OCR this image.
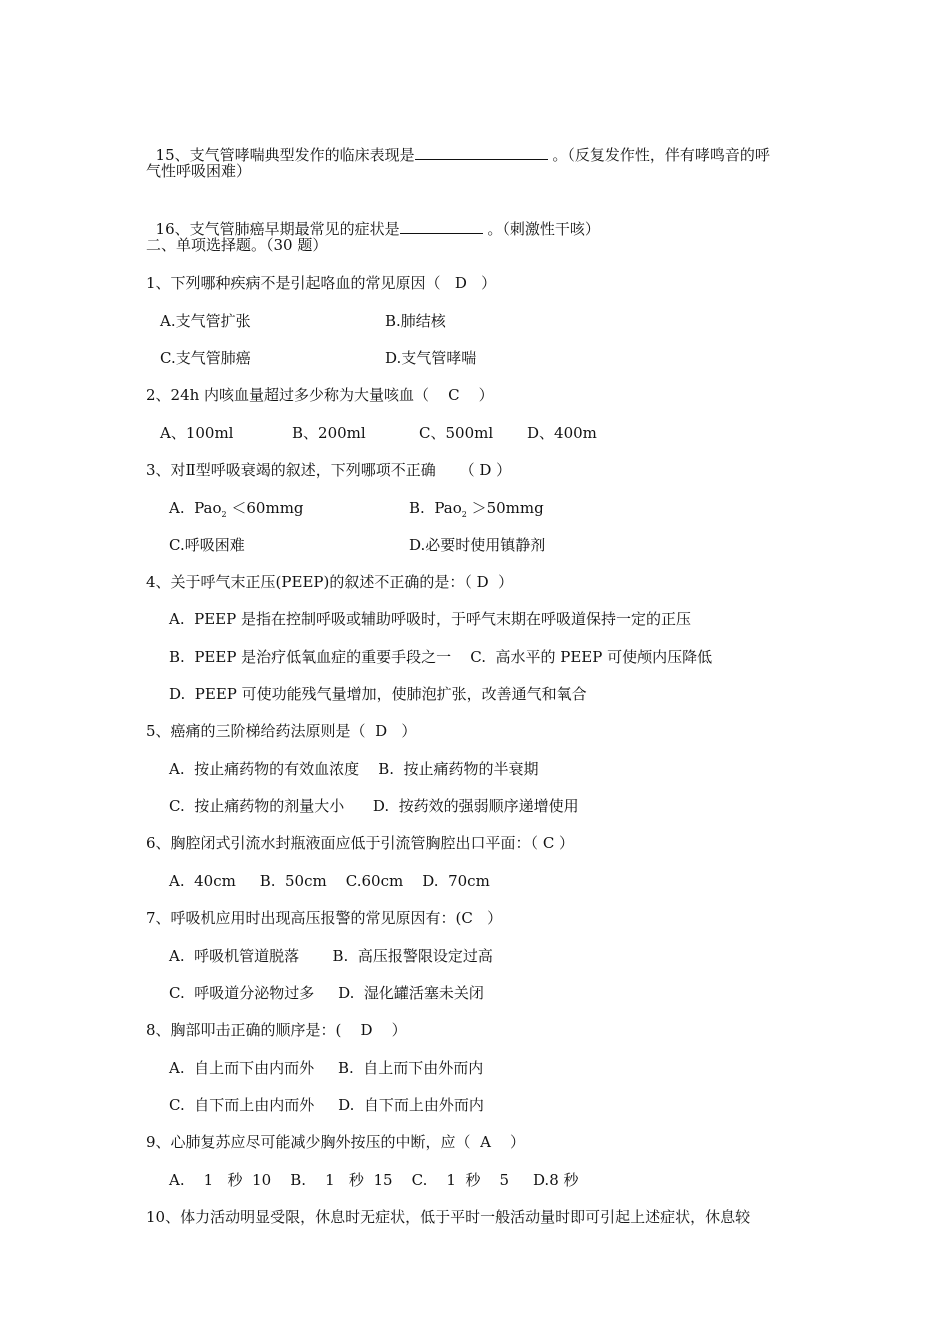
15、支气管哮喘典型发作的临床表现是	。（反复发作性，伴有哮鸣音的呼

气性呼吸困难）

16、支气管肺癌早期最常见的症状是	。（刺激性干咳）

二、单项选择题。（30 题）
1、下列哪种疾病不是引起咯血的常见原因（   D   ）
A.支气管扩张	B.肺结核
C.支气管肺癌	D.支气管哮喘
2、24h 内咳血量超过多少称为大量咳血（    C    ）
A、100ml	B、200ml	C、500ml D、400m
3、对Ⅱ型呼吸衰竭的叙述，下列哪项不正确     （ D ）
A.  Pao$_2$ ＜60mmg	B.  Pao$_2$ ＞50mmg
C.呼吸困难	D.必要时使用镇静剂
4、关于呼气末正压(PEEP)的叙述不正确的是：（ D  ）
A.  PEEP 是指在控制呼吸或辅助呼吸时，于呼气末期在呼吸道保持一定的正压
B.  PEEP 是治疗低氧血症的重要手段之一    C.  高水平的 PEEP 可使颅内压降低
D.  PEEP 可使功能残气量增加，使肺泡扩张，改善通气和氧合
5、癌痛的三阶梯给药法原则是（  D   ）
A.  按止痛药物的有效血浓度    B.  按止痛药物的半衰期
C.  按止痛药物的剂量大小      D.  按药效的强弱顺序递增使用
6、胸腔闭式引流水封瓶液面应低于引流管胸腔出口平面：（ C ）
A.  40cm     B.  50cm    C.60cm    D.  70cm
7、呼吸机应用时出现高压报警的常见原因有：(C   ）
A.  呼吸机管道脱落       B.  高压报警限设定过高
C.  呼吸道分泌物过多     D.  湿化罐活塞未关闭
8、胸部叩击正确的顺序是：(    D    ）
A.  自上而下由内而外     B.  自上而下由外而内
C.  自下而上由内而外     D.  自下而上由外而内
9、心肺复苏应尽可能减少胸外按压的中断，应（  A    ）
A.    1   秒  10    B.    1   秒  15    C.    1  秒    5     D.8 秒
10、体力活动明显受限，休息时无症状，低于平时一般活动量时即可引起上述症状，休息较
